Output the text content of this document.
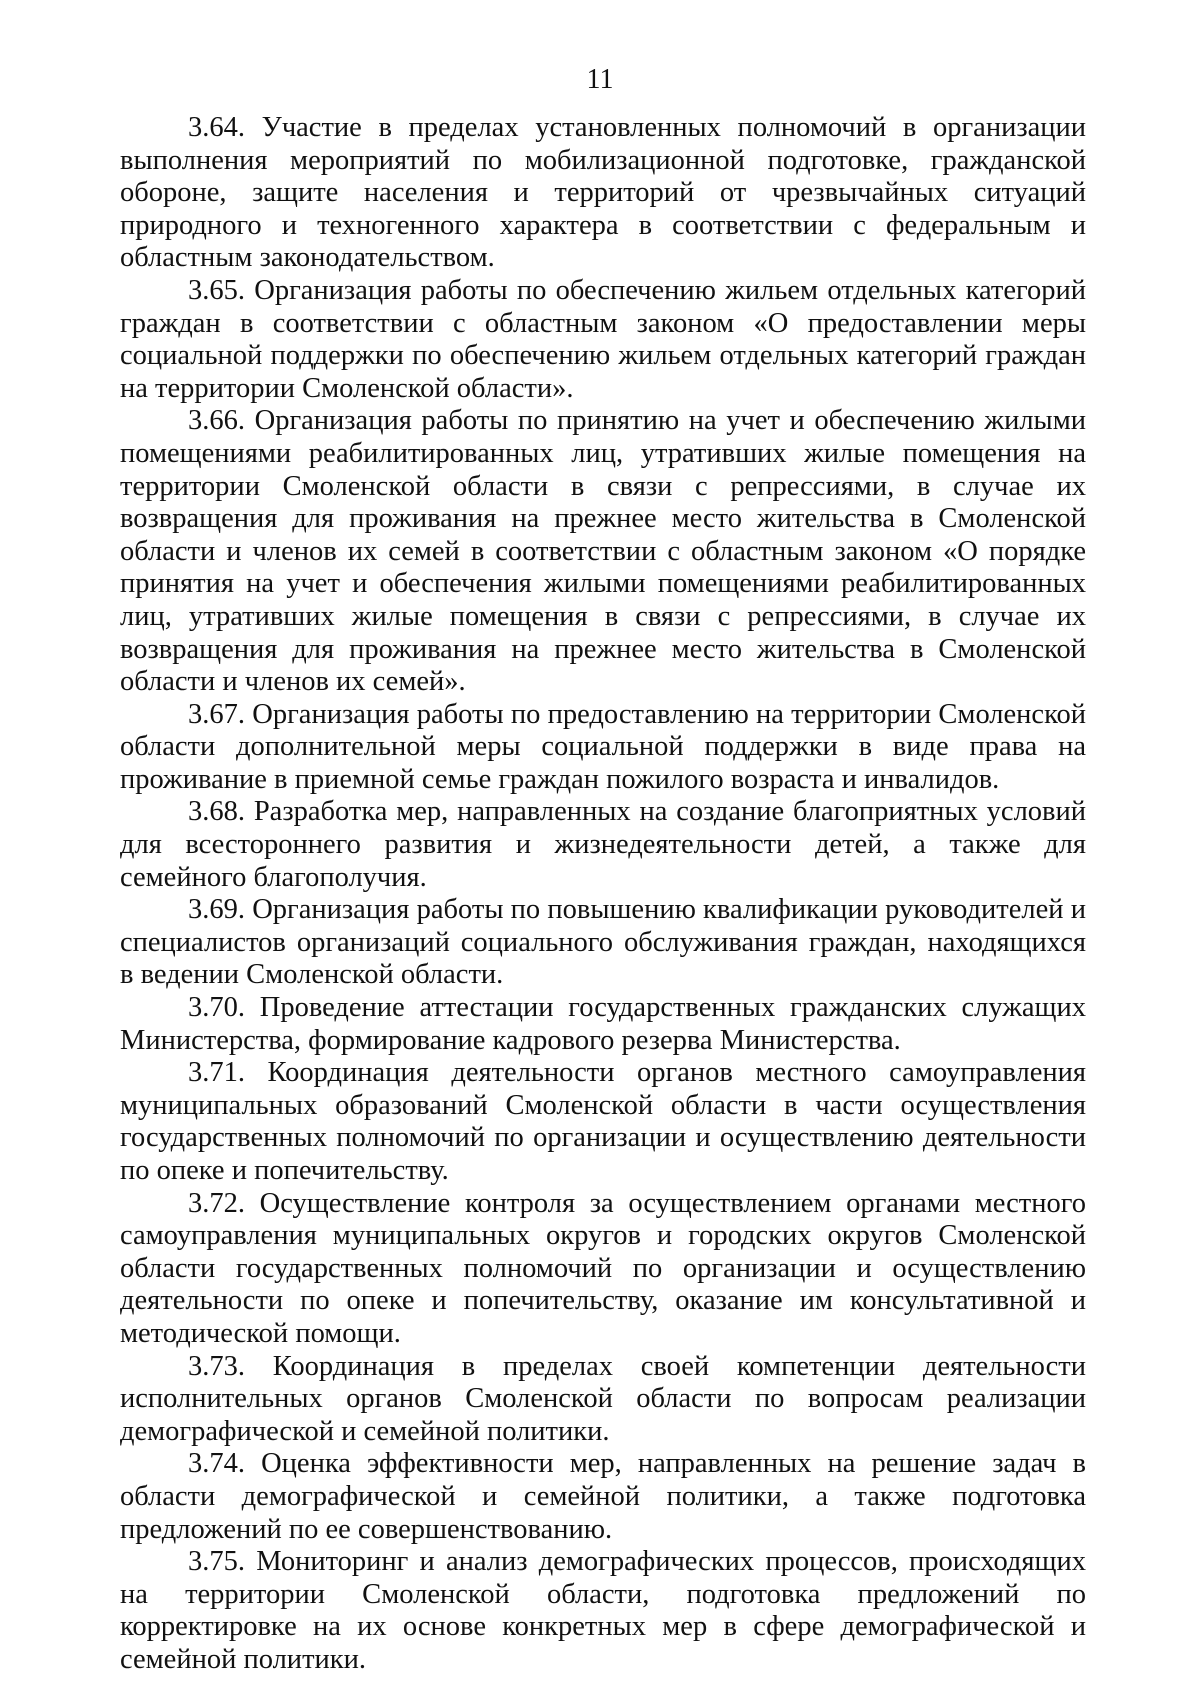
11

3.64. Участие в пределах установленных полномочий в организации выполнения мероприятий по мобилизационной подготовке, гражданской обороне, защите населения и территорий от чрезвычайных ситуаций природного и техногенного характера в соответствии с федеральным и областным законодательством.

3.65. Организация работы по обеспечению жильем отдельных категорий граждан в соответствии с областным законом «О предоставлении меры социальной поддержки по обеспечению жильем отдельных категорий граждан на территории Смоленской области».

3.66. Организация работы по принятию на учет и обеспечению жилыми помещениями реабилитированных лиц, утративших жилые помещения на территории Смоленской области в связи с репрессиями, в случае их возвращения для проживания на прежнее место жительства в Смоленской области и членов их семей в соответствии с областным законом «О порядке принятия на учет и обеспечения жилыми помещениями реабилитированных лиц, утративших жилые помещения в связи с репрессиями, в случае их возвращения для проживания на прежнее место жительства в Смоленской области и членов их семей».

3.67. Организация работы по предоставлению на территории Смоленской области дополнительной меры социальной поддержки в виде права на проживание в приемной семье граждан пожилого возраста и инвалидов.

3.68. Разработка мер, направленных на создание благоприятных условий для всестороннего развития и жизнедеятельности детей, а также для семейного благополучия.

3.69. Организация работы по повышению квалификации руководителей и специалистов организаций социального обслуживания граждан, находящихся в ведении Смоленской области.

3.70. Проведение аттестации государственных гражданских служащих Министерства, формирование кадрового резерва Министерства.

3.71. Координация деятельности органов местного самоуправления муниципальных образований Смоленской области в части осуществления государственных полномочий по организации и осуществлению деятельности по опеке и попечительству.

3.72. Осуществление контроля за осуществлением органами местного самоуправления муниципальных округов и городских округов Смоленской области государственных полномочий по организации и осуществлению деятельности по опеке и попечительству, оказание им консультативной и методической помощи.

3.73. Координация в пределах своей компетенции деятельности исполнительных органов Смоленской области по вопросам реализации демографической и семейной политики.

3.74. Оценка эффективности мер, направленных на решение задач в области демографической и семейной политики, а также подготовка предложений по ее совершенствованию.

3.75. Мониторинг и анализ демографических процессов, происходящих на территории Смоленской области, подготовка предложений по корректировке на их основе конкретных мер в сфере демографической и семейной политики.
